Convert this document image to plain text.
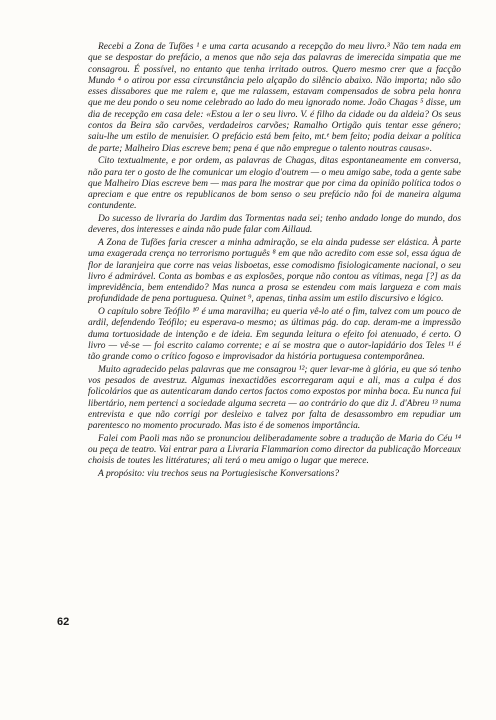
Recebi a Zona de Tufões ¹ e uma carta acusando a recepção do meu livro.³ Não tem nada em que se despostar do prefácio, a menos que não seja das palavras de imerecida simpatia que me consagrou. É possível, no entanto que tenha irritado outros. Quero mesmo crer que a facção Mundo ⁴ o atirou por essa circunstância pelo alçapão do silêncio abaixo. Não importa; não são esses dissabores que me ralem e, que me ralassem, estavam compensados de sobra pela honra que me deu pondo o seu nome celebrado ao lado do meu ignorado nome. João Chagas ⁵ disse, um dia de recepção em casa dele: «Estou a ler o seu livro. V. é filho da cidade ou da aldeia? Os seus contos da Beira são carvões, verdadeiros carvões; Ramalho Ortigão quis tentar esse género; saiu-lhe um estilo de menuisier. O prefácio está bem feito, mt.ᵉ bem feito; podia deixar a política de parte; Malheiro Dias escreve bem; pena é que não empregue o talento noutras causas».

Cito textualmente, e por ordem, as palavras de Chagas, ditas espontaneamente em conversa, não para ter o gosto de lhe comunicar um elogio d'outrem — o meu amigo sabe, toda a gente sabe que Malheiro Dias escreve bem — mas para lhe mostrar que por cima da opinião política todos o apreciam e que entre os republicanos de bom senso o seu prefácio não foi de maneira alguma contundente.

Do sucesso de livraria do Jardim das Tormentas nada sei; tenho andado longe do mundo, dos deveres, dos interesses e ainda não pude falar com Aillaud.

A Zona de Tufões faria crescer a minha admiração, se ela ainda pudesse ser elástica. À parte uma exagerada crença no terrorismo português ⁸ em que não acredito com esse sol, essa água de flor de laranjeira que corre nas veias lisboetas, esse comodismo fisiologicamente nacional, o seu livro é admirável. Conta as bombas e as explosões, porque não contou as vítimas, nega [?] as da imprevidência, bem entendido? Mas nunca a prosa se estendeu com mais largueza e com mais profundidade de pena portuguesa. Quinet ⁹, apenas, tinha assim um estilo discursivo e lógico.

O capítulo sobre Teófilo ¹⁰ é uma maravilha; eu queria vê-lo até o fim, talvez com um pouco de ardil, defendendo Teófilo; eu esperava-o mesmo; as últimas pág. do cap. deram-me a impressão duma tortuosidade de intenção e de ideia. Em segunda leitura o efeito foi atenuado, é certo. O livro — vê-se — foi escrito calamo corrente; e aí se mostra que o autor-lapidário dos Teles ¹¹ é tão grande como o crítico fogoso e improvisador da história portuguesa contemporânea.

Muito agradecido pelas palavras que me consagrou ¹²; quer levar-me à glória, eu que só tenho vos pesados de avestruz. Algumas inexactidões escorregaram aqui e ali, mas a culpa é dos folicolários que as autenticaram dando certos factos como expostos por minha boca. Eu nunca fui libertário, nem pertenci a sociedade alguma secreta — ao contrário do que diz J. d'Abreu ¹³ numa entrevista e que não corrigi por desleixo e talvez por falta de desassombro em repudiar um parentesco no momento procurado. Mas isto é de somenos importância.

Falei com Paoli mas não se pronunciou deliberadamente sobre a tradução de Maria do Céu ¹⁴ ou peça de teatro. Vai entrar para a Livraria Flammarion como director da publicação Morceaux choisis de toutes les littératures; ali terá o meu amigo o lugar que merece.

A propósito: viu trechos seus na Portugiesische Konversations?

62
